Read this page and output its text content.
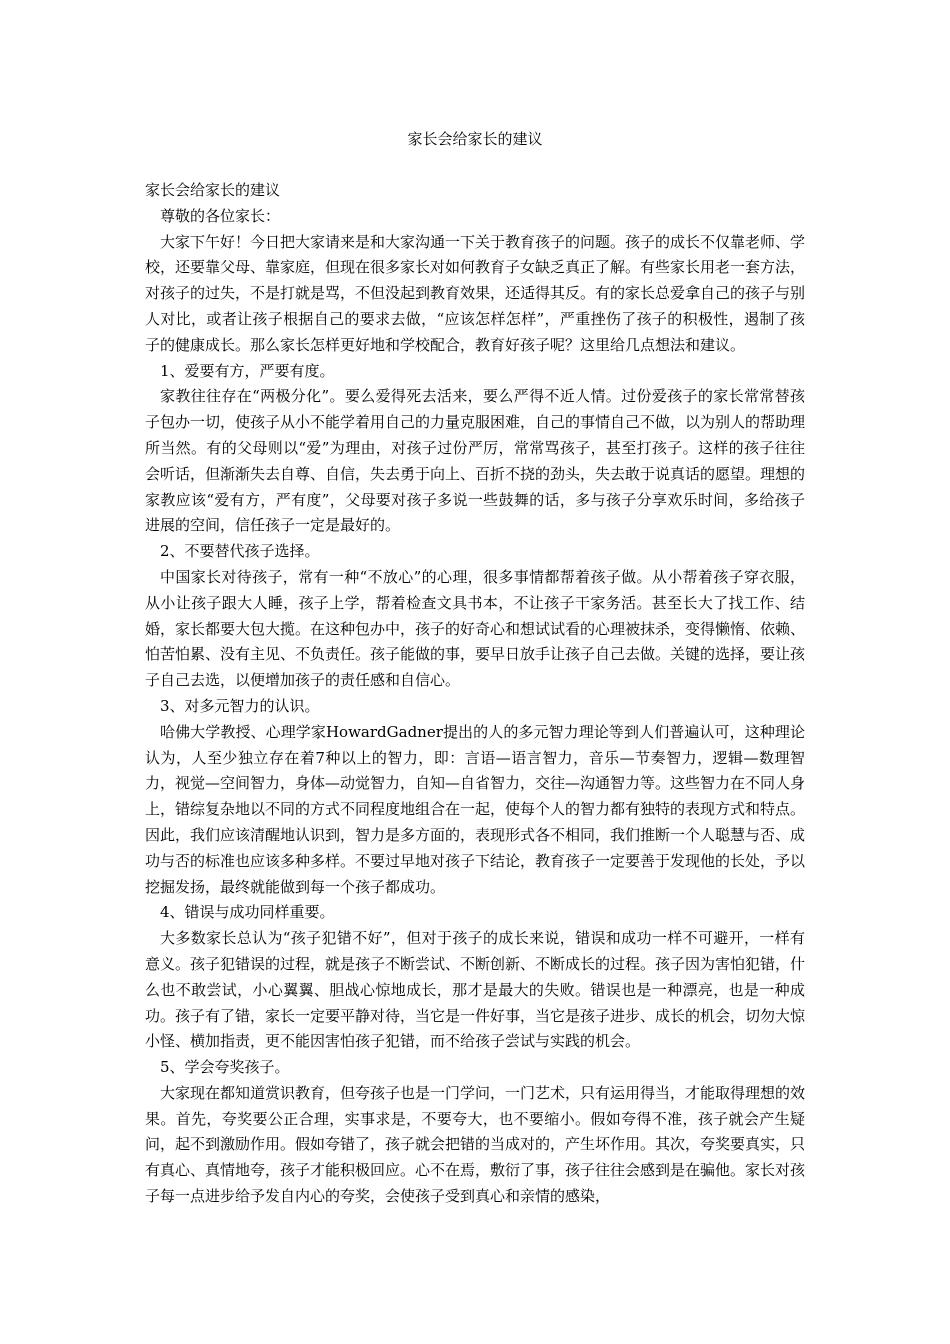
家长会给家长的建议

家长会给家长的建议

尊敬的各位家长：

大家下午好！今日把大家请来是和大家沟通一下关于教育孩子的问题。孩子的成长不仅靠老师、学校，还要靠父母、靠家庭，但现在很多家长对如何教育子女缺乏真正了解。有些家长用老一套方法，对孩子的过失，不是打就是骂，不但没起到教育效果，还适得其反。有的家长总爱拿自己的孩子与别人对比，或者让孩子根据自己的要求去做，“应该怎样怎样”，严重挫伤了孩子的积极性，遏制了孩子的健康成长。那么家长怎样更好地和学校配合，教育好孩子呢？这里给几点想法和建议。

1、爱要有方，严要有度。

家教往往存在“两极分化”。要么爱得死去活来，要么严得不近人情。过份爱孩子的家长常常替孩子包办一切，使孩子从小不能学着用自己的力量克服困难，自己的事情自己不做，以为别人的帮助理所当然。有的父母则以“爱”为理由，对孩子过份严厉，常常骂孩子，甚至打孩子。这样的孩子往往会听话，但渐渐失去自尊、自信，失去勇于向上、百折不挠的劲头，失去敢于说真话的愿望。理想的家教应该“爱有方，严有度”，父母要对孩子多说一些鼓舞的话，多与孩子分享欢乐时间，多给孩子进展的空间，信任孩子一定是最好的。

2、不要替代孩子选择。

中国家长对待孩子，常有一种“不放心”的心理，很多事情都帮着孩子做。从小帮着孩子穿衣服，从小让孩子跟大人睡，孩子上学，帮着检查文具书本，不让孩子干家务活。甚至长大了找工作、结婚，家长都要大包大揽。在这种包办中，孩子的好奇心和想试试看的心理被抹杀，变得懒惰、依赖、怕苦怕累、没有主见、不负责任。孩子能做的事，要早日放手让孩子自己去做。关键的选择，要让孩子自己去选，以便增加孩子的责任感和自信心。

3、对多元智力的认识。

哈佛大学教授、心理学家HowardGadner提出的人的多元智力理论等到人们普遍认可，这种理论认为，人至少独立存在着7种以上的智力，即：言语—语言智力，音乐—节奏智力，逻辑—数理智力，视觉—空间智力，身体—动觉智力，自知—自省智力，交往—沟通智力等。这些智力在不同人身上，错综复杂地以不同的方式不同程度地组合在一起，使每个人的智力都有独特的表现方式和特点。因此，我们应该清醒地认识到，智力是多方面的，表现形式各不相同，我们推断一个人聪慧与否、成功与否的标准也应该多种多样。不要过早地对孩子下结论，教育孩子一定要善于发现他的长处，予以挖掘发扬，最终就能做到每一个孩子都成功。

4、错误与成功同样重要。

大多数家长总认为“孩子犯错不好”，但对于孩子的成长来说，错误和成功一样不可避开，一样有意义。孩子犯错误的过程，就是孩子不断尝试、不断创新、不断成长的过程。孩子因为害怕犯错，什么也不敢尝试，小心翼翼、胆战心惊地成长，那才是最大的失败。错误也是一种漂亮，也是一种成功。孩子有了错，家长一定要平静对待，当它是一件好事，当它是孩子进步、成长的机会，切勿大惊小怪、横加指责，更不能因害怕孩子犯错，而不给孩子尝试与实践的机会。

5、学会夸奖孩子。

大家现在都知道赏识教育，但夸孩子也是一门学问，一门艺术，只有运用得当，才能取得理想的效果。首先，夸奖要公正合理，实事求是，不要夸大，也不要缩小。假如夸得不准，孩子就会产生疑问，起不到激励作用。假如夸错了，孩子就会把错的当成对的，产生坏作用。其次，夸奖要真实，只有真心、真情地夸，孩子才能积极回应。心不在焉，敷衍了事，孩子往往会感到是在骗他。家长对孩子每一点进步给予发自内心的夸奖，会使孩子受到真心和亲情的感染，
